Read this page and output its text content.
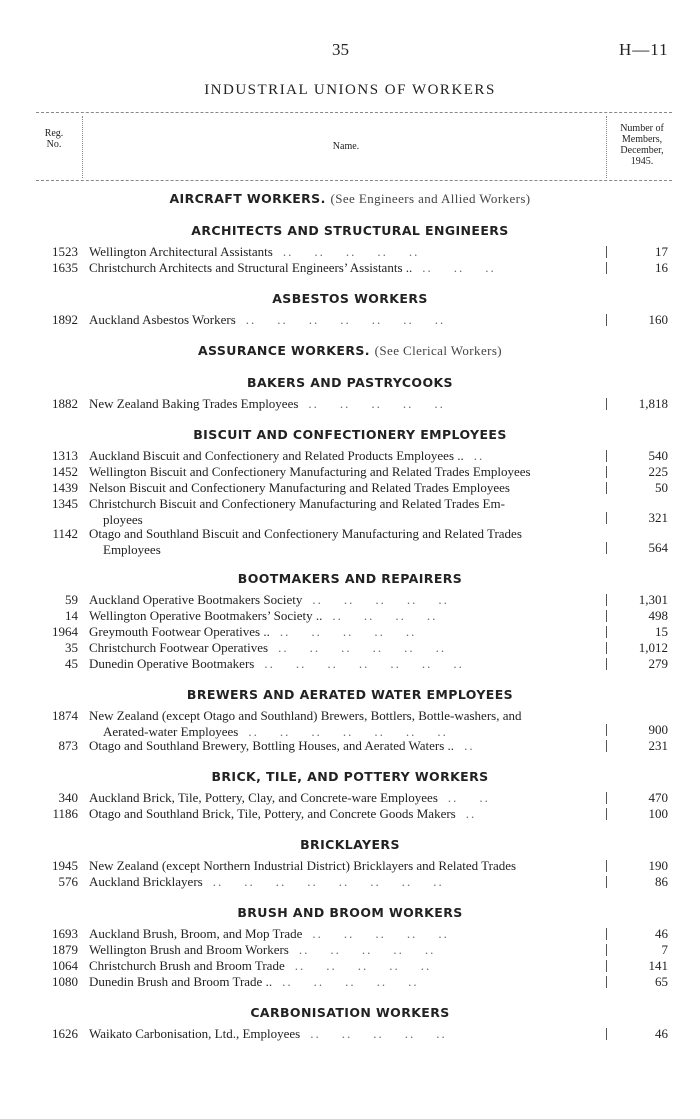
35	H—11
INDUSTRIAL UNIONS OF WORKERS
Reg.
No.	Name.
Number of
Members,
December,
1945.
AIRCRAFT WORKERS. (See Engineers and Allied Workers)
ARCHITECTS AND STRUCTURAL ENGINEERS
1523 Wellington Architectural Assistants ..    ..    ..    ..    ..	17
1635 Christchurch Architects and Structural Engineers’ Assistants .. ..    ..    ..	16
ASBESTOS WORKERS
1892 Auckland Asbestos Workers ..    ..    ..    ..    ..    ..    ..	160
ASSURANCE WORKERS. (See Clerical Workers)
BAKERS AND PASTRYCOOKS
1882 New Zealand Baking Trades Employees ..    ..    ..    ..    ..	1,818
BISCUIT AND CONFECTIONERY EMPLOYEES
1313 Auckland Biscuit and Confectionery and Related Products Employees .. ..	540
1452 Wellington Biscuit and Confectionery Manufacturing and Related Trades Employees	225
1439 Nelson Biscuit and Confectionery Manufacturing and Related Trades Employees	50
1345 Christchurch Biscuit and Confectionery Manufacturing and Related Trades Em-
ployees	321
1142 Otago and Southland Biscuit and Confectionery Manufacturing and Related Trades
Employees	564
BOOTMAKERS AND REPAIRERS
59 Auckland Operative Bootmakers Society ..    ..    ..    ..    ..	1,301
14 Wellington Operative Bootmakers’ Society .. ..    ..    ..    ..	498
1964 Greymouth Footwear Operatives .. ..    ..    ..    ..    ..	15
35 Christchurch Footwear Operatives ..    ..    ..    ..    ..    ..	1,012
45 Dunedin Operative Bootmakers ..    ..    ..    ..    ..    ..    ..	279
BREWERS AND AERATED WATER EMPLOYEES
1874 New Zealand (except Otago and Southland) Brewers, Bottlers, Bottle-washers, and
Aerated-water Employees ..    ..    ..    ..    ..    ..    ..	900
873 Otago and Southland Brewery, Bottling Houses, and Aerated Waters .. ..	231
BRICK, TILE, AND POTTERY WORKERS
340 Auckland Brick, Tile, Pottery, Clay, and Concrete-ware Employees ..    ..	470
1186 Otago and Southland Brick, Tile, Pottery, and Concrete Goods Makers ..	100
BRICKLAYERS
1945 New Zealand (except Northern Industrial District) Bricklayers and Related Trades	190
576 Auckland Bricklayers ..    ..    ..    ..    ..    ..    ..    ..	86
BRUSH AND BROOM WORKERS
1693 Auckland Brush, Broom, and Mop Trade ..    ..    ..    ..    ..	46
1879 Wellington Brush and Broom Workers ..    ..    ..    ..    ..	7
1064 Christchurch Brush and Broom Trade ..    ..    ..    ..    ..	141
1080 Dunedin Brush and Broom Trade .. ..    ..    ..    ..    ..	65
CARBONISATION WORKERS
1626 Waikato Carbonisation, Ltd., Employees ..    ..    ..    ..    ..	46
